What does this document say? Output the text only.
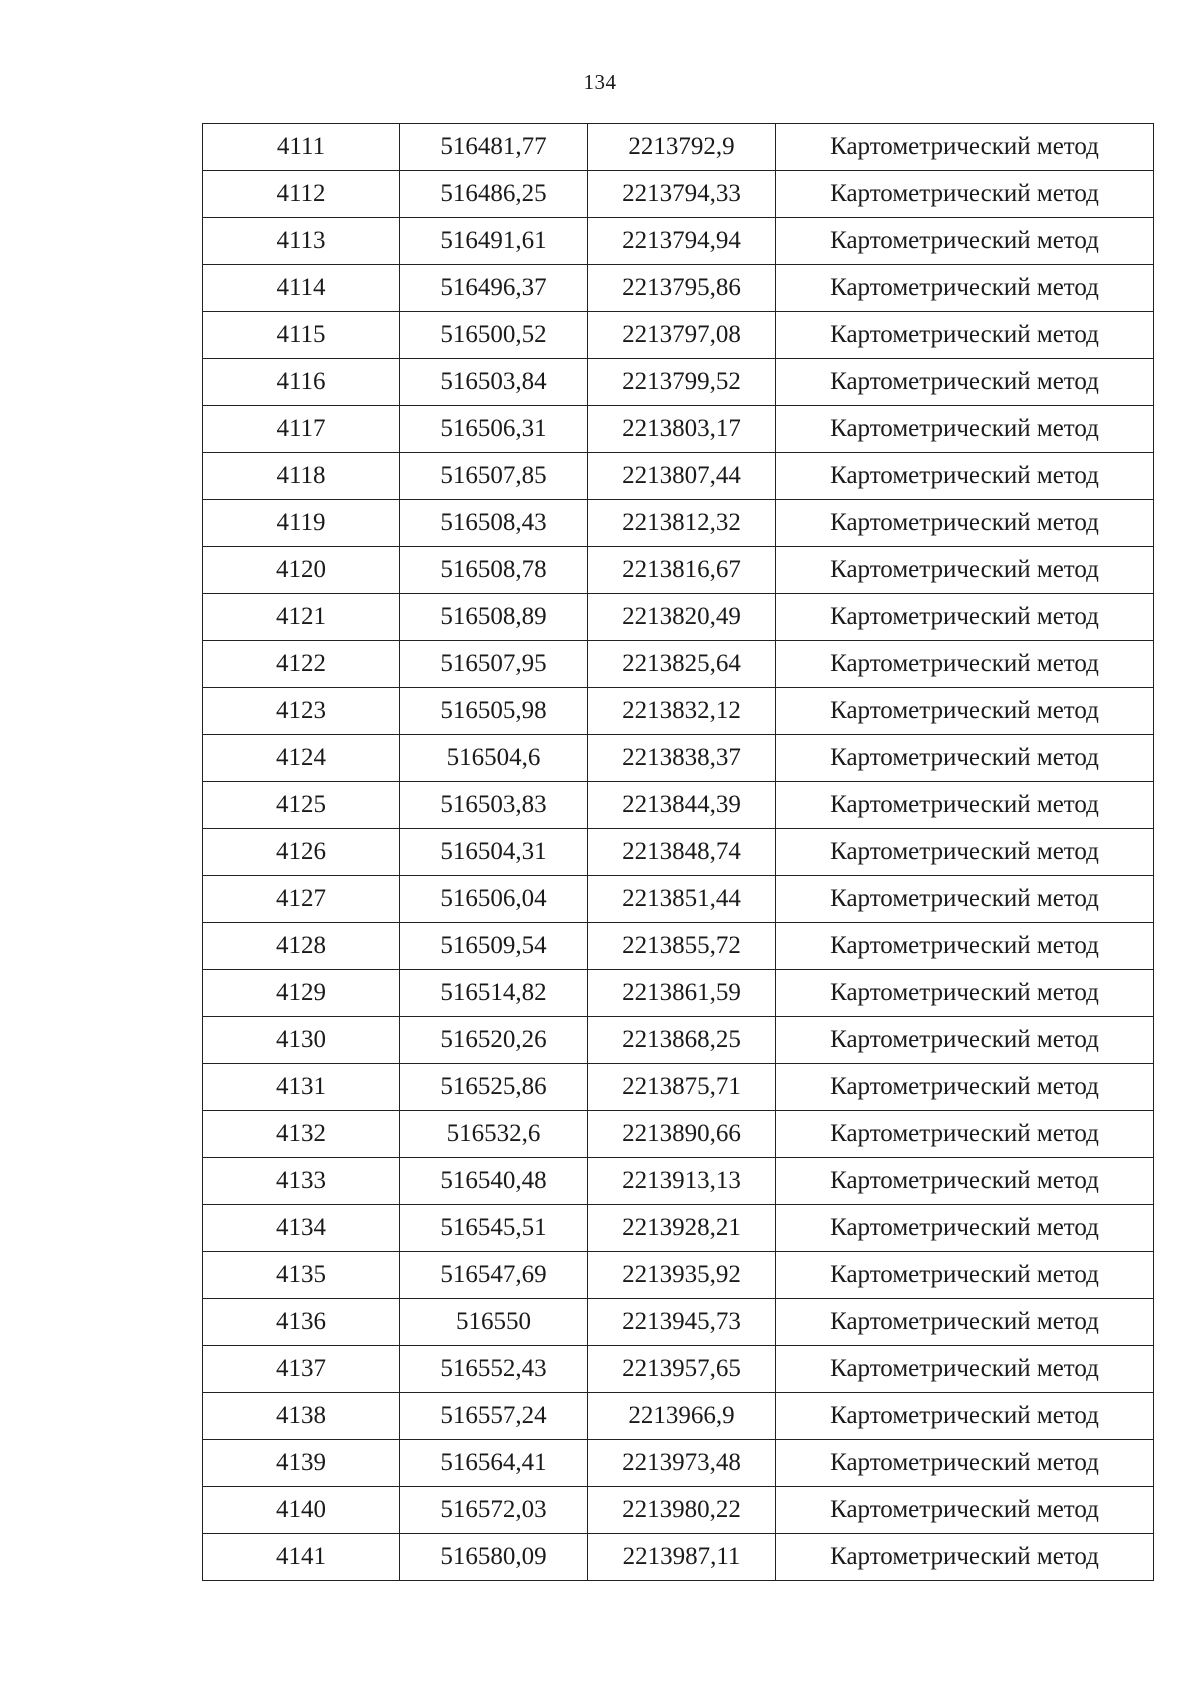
134
4111	516481,77	2213792,9	Картометрический метод
4112	516486,25	2213794,33	Картометрический метод
4113	516491,61	2213794,94	Картометрический метод
4114	516496,37	2213795,86	Картометрический метод
4115	516500,52	2213797,08	Картометрический метод
4116	516503,84	2213799,52	Картометрический метод
4117	516506,31	2213803,17	Картометрический метод
4118	516507,85	2213807,44	Картометрический метод
4119	516508,43	2213812,32	Картометрический метод
4120	516508,78	2213816,67	Картометрический метод
4121	516508,89	2213820,49	Картометрический метод
4122	516507,95	2213825,64	Картометрический метод
4123	516505,98	2213832,12	Картометрический метод
4124	516504,6	2213838,37	Картометрический метод
4125	516503,83	2213844,39	Картометрический метод
4126	516504,31	2213848,74	Картометрический метод
4127	516506,04	2213851,44	Картометрический метод
4128	516509,54	2213855,72	Картометрический метод
4129	516514,82	2213861,59	Картометрический метод
4130	516520,26	2213868,25	Картометрический метод
4131	516525,86	2213875,71	Картометрический метод
4132	516532,6	2213890,66	Картометрический метод
4133	516540,48	2213913,13	Картометрический метод
4134	516545,51	2213928,21	Картометрический метод
4135	516547,69	2213935,92	Картометрический метод
4136	516550	2213945,73	Картометрический метод
4137	516552,43	2213957,65	Картометрический метод
4138	516557,24	2213966,9	Картометрический метод
4139	516564,41	2213973,48	Картометрический метод
4140	516572,03	2213980,22	Картометрический метод
4141	516580,09	2213987,11	Картометрический метод
